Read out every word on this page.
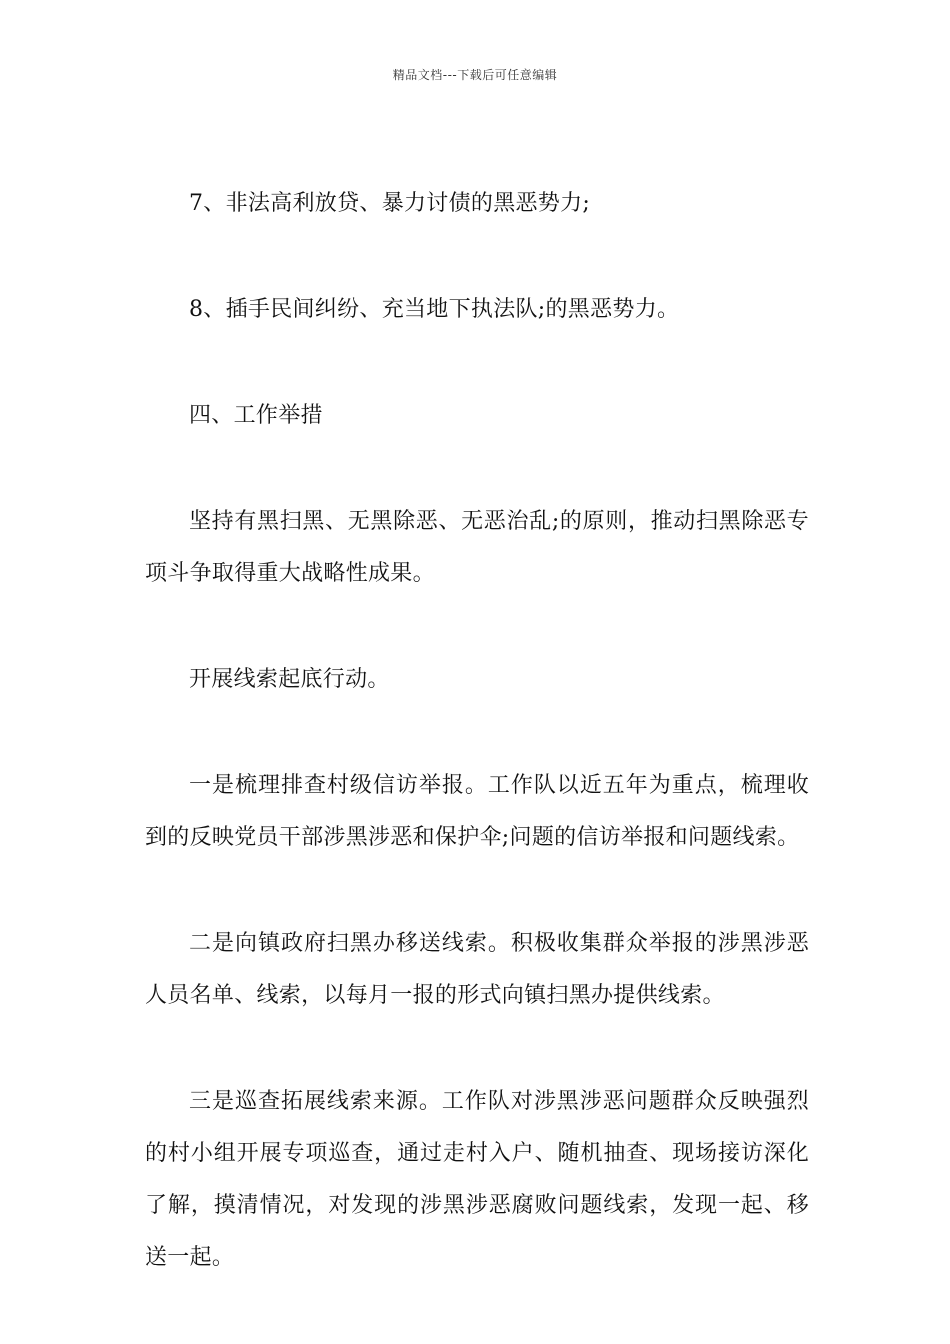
精品文档---下载后可任意编辑

7、非法高利放贷、暴力讨债的黑恶势力;

8、插手民间纠纷、充当地下执法队;的黑恶势力。

四、工作举措

坚持有黑扫黑、无黑除恶、无恶治乱;的原则，推动扫黑除恶专项斗争取得重大战略性成果。

开展线索起底行动。

一是梳理排查村级信访举报。工作队以近五年为重点，梳理收到的反映党员干部涉黑涉恶和保护伞;问题的信访举报和问题线索。

二是向镇政府扫黑办移送线索。积极收集群众举报的涉黑涉恶人员名单、线索，以每月一报的形式向镇扫黑办提供线索。

三是巡查拓展线索来源。工作队对涉黑涉恶问题群众反映强烈的村小组开展专项巡查，通过走村入户、随机抽查、现场接访深化了解，摸清情况，对发现的涉黑涉恶腐败问题线索，发现一起、移送一起。
